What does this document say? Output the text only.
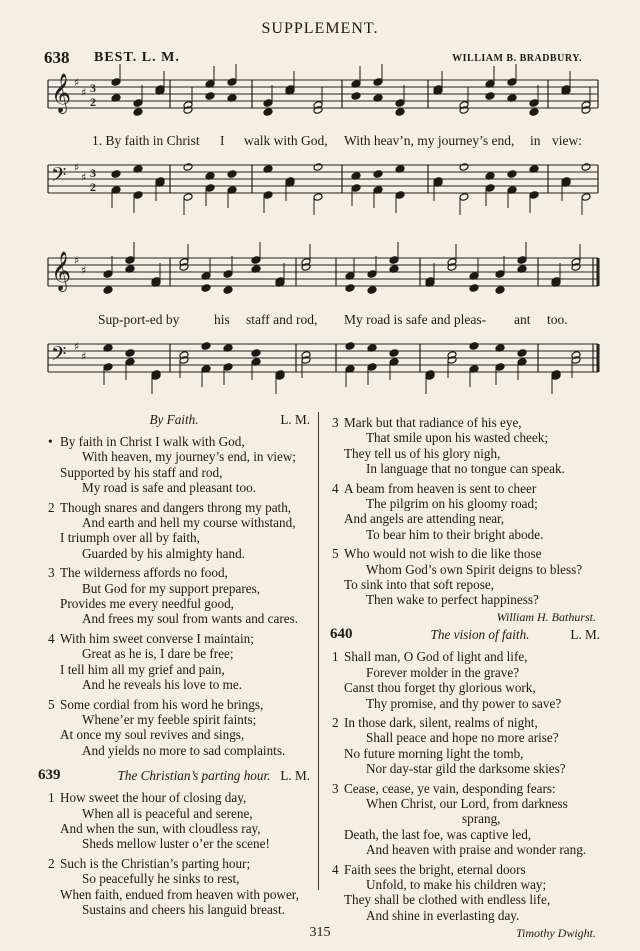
SUPPLEMENT.
638 BEST. L. M.	WILLIAM B. BRADBURY.
𝄞 ♯
♯ 3
2
𝄢 ♯
♯ 3
2
𝄞 ♯
♯
𝄢 ♯
♯
1. By faith in Christ I walk with God, With heav’n, my journey’s end, in view:
Sup-port-ed by	his staff and rod, My road is safe and pleas- ant too.
By Faith.	L. M.
• By faith in Christ I walk with God,
With heaven, my journey’s end, in view;
Supported by his staff and rod,
My road is safe and pleasant too.
2 Though snares and dangers throng my path,
And earth and hell my course withstand,
I triumph over all by faith,
Guarded by his almighty hand.
3 The wilderness affords no food,
But God for my support prepares,
Provides me every needful good,
And frees my soul from wants and cares.
4 With him sweet converse I maintain;
Great as he is, I dare be free;
I tell him all my grief and pain,
And he reveals his love to me.
5 Some cordial from his word he brings,
Whene’er my feeble spirit faints;
At once my soul revives and sings,
And yields no more to sad complaints.
639	The Christian’s parting hour. L. M.
1 How sweet the hour of closing day,
When all is peaceful and serene,
And when the sun, with cloudless ray,
Sheds mellow luster o’er the scene!
2 Such is the Christian’s parting hour;
So peacefully he sinks to rest,
When faith, endued from heaven with power,
Sustains and cheers his languid breast.
3 Mark but that radiance of his eye,
That smile upon his wasted cheek;
They tell us of his glory nigh,
In language that no tongue can speak.
4 A beam from heaven is sent to cheer
The pilgrim on his gloomy road;
And angels are attending near,
To bear him to their bright abode.
5 Who would not wish to die like those
Whom God’s own Spirit deigns to bless?
To sink into that soft repose,
Then wake to perfect happiness?
William H. Bathurst.
640	The vision of faith.	L. M.
1 Shall man, O God of light and life,
Forever molder in the grave?
Canst thou forget thy glorious work,
Thy promise, and thy power to save?
2 In those dark, silent, realms of night,
Shall peace and hope no more arise?
No future morning light the tomb,
Nor day-star gild the darksome skies?
3 Cease, cease, ye vain, desponding fears:
When Christ, our Lord, from darkness
sprang,
Death, the last foe, was captive led,
And heaven with praise and wonder rang.
4 Faith sees the bright, eternal doors
Unfold, to make his children way;
They shall be clothed with endless life,
And shine in everlasting day.
Timothy Dwight.
315
